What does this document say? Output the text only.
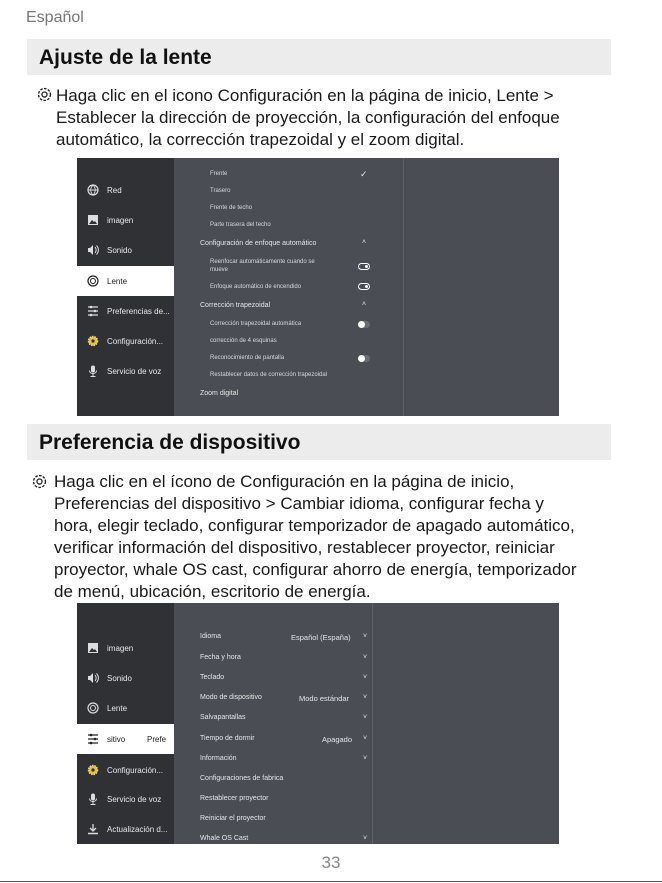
Español
Ajuste de la lente
Haga clic en el icono Configuración en la página de inicio, Lente >
Establecer la dirección de proyección, la configuración del enfoque
automático, la corrección trapezoidal y el zoom digital.
Red
imagen
Sonido
Lente
Preferencias de...
Configuración...
Servicio de voz
Frente	✓
Trasero
Frente de techo
Parte trasera del techo
Configuración de enfoque automático	˄
Reenfocar automáticamente cuando se
mueve
Enfoque automático de encendido
Corrección trapezoidal	˄
Corrección trapezoidal automática
corrección de 4 esquinas
Reconocimiento de pantalla
Restablecer datos de corrección trapezoidal
Zoom digital
Preferencia de dispositivo
Haga clic en el ícono de Configuración en la página de inicio,
Preferencias del dispositivo > Cambiar idioma, configurar fecha y
hora, elegir teclado, configurar temporizador de apagado automático,
verificar información del dispositivo, restablecer proyector, reiniciar
proyector, whale OS cast, configurar ahorro de energía, temporizador
de menú, ubicación, escritorio de energía.
imagen
Sonido
Lente
sitivo	Prefe
Configuración...
Servicio de voz
Actualización d...
Idioma	Español (España) ˅
Fecha y hora	˅
Teclado	˅
Modo de dispositivo	Modo estándar ˅
Salvapantallas	˅
Tiempo de dormir	Apagado ˅
Información	˅
Configuraciones de fabrica
Restablecer proyector
Reiniciar el proyector
Whale OS Cast	˅
33
